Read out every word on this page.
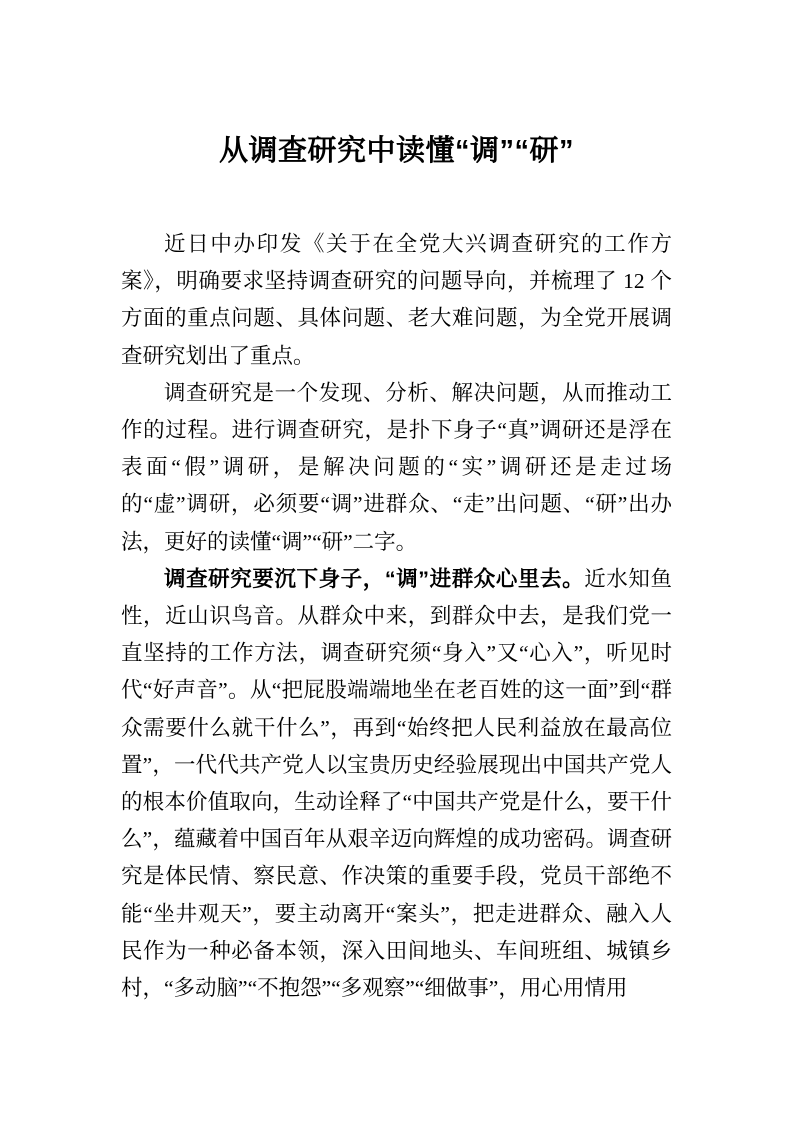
从调查研究中读懂“调”“研”

近日中办印发《关于在全党大兴调查研究的工作方案》，明确要求坚持调查研究的问题导向，并梳理了 12 个方面的重点问题、具体问题、老大难问题，为全党开展调查研究划出了重点。

调查研究是一个发现、分析、解决问题，从而推动工作的过程。进行调查研究，是扑下身子“真”调研还是浮在表面“假”调研，是解决问题的“实”调研还是走过场的“虚”调研，必须要“调”进群众、“走”出问题、“研”出办法，更好的读懂“调”“研”二字。

调查研究要沉下身子，“调”进群众心里去。近水知鱼性，近山识鸟音。从群众中来，到群众中去，是我们党一直坚持的工作方法，调查研究须“身入”又“心入”，听见时代“好声音”。从“把屁股端端地坐在老百姓的这一面”到“群众需要什么就干什么”，再到“始终把人民利益放在最高位置”，一代代共产党人以宝贵历史经验展现出中国共产党人的根本价值取向，生动诠释了“中国共产党是什么，要干什么”，蕴藏着中国百年从艰辛迈向辉煌的成功密码。调查研究是体民情、察民意、作决策的重要手段，党员干部绝不能“坐井观天”，要主动离开“案头”，把走进群众、融入人民作为一种必备本领，深入田间地头、车间班组、城镇乡村，“多动脑”“不抱怨”“多观察”“细做事”，用心用情用
